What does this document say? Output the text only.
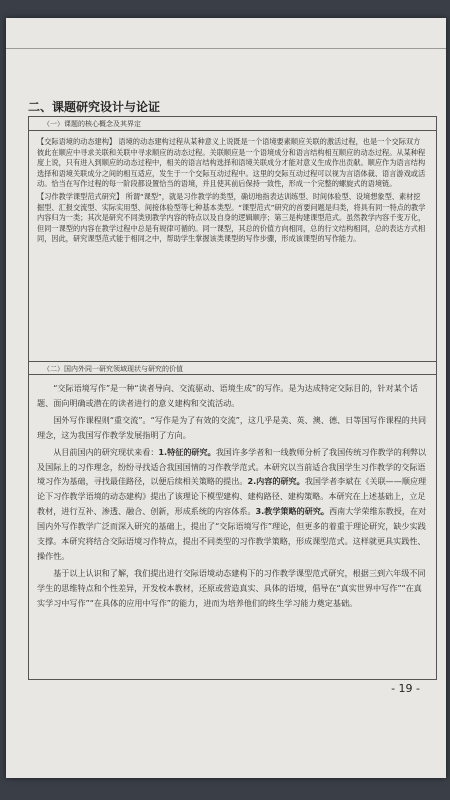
二、课题研究设计与论证
（一）课题的核心概念及其界定

【交际语境的动态建构】 语境的动态建构过程从某种意义上说既是一个语境要素顺应关联的激活过程，也是一个交际双方彼此在顺应中寻求关联和关联中寻求顺应的动态过程。关联顺应是一个语境成分和语言结构相互顺应的动态过程。从某种程度上说，只有进入到顺应的动态过程中，相关的语言结构选择和语境关联成分才能对意义生成作出贡献。顺应作为语言结构选择和语境关联成分之间的相互适应，发生于一个交际互动过程中。这里的交际互动过程可以视为言语体裁、语言游戏或活动。恰当在写作过程的每一阶段都设置恰当的语境，并且使其前后保持一致性，形成一个完整的螺旋式的语境链。

【习作教学课型范式研究】 所谓“课型”，就是习作教学的类型，确切地指表达训练型、时间体验型、设境想象型、素材挖掘型、汇报交流型、实际实用型、间接体验型等七种基本类型。“课型范式”研究的首要问题是归类，将具有同一特点的教学内容归为一类；其次是研究不同类别教学内容的特点以及自身的逻辑顺序；第三是构建课型范式。虽然教学内容千变万化，但同一课型的内容在教学过程中总是有规律可循的。同一课型，其总的价值方向相同，总的行文结构相同，总的表达方式相同，因此，研究课型范式能于相同之中，帮助学生掌握该类课型的写作步骤，形成该课型的写作能力。

（二）国内外同一研究领域现状与研究的价值

“交际语境写作”是一种“读者导向、交流驱动、语境生成”的写作。是为达成特定交际目的，针对某个话题、面向明确或潜在的读者进行的意义建构和交流活动。

国外写作课程则“重交流”。“写作是为了有效的交流”，这几乎是美、英、澳、德、日等国写作课程的共同理念，这为我国写作教学发展指明了方向。

从目前国内的研究现状来看：1.特征的研究。我国许多学者和一线教师分析了我国传统习作教学的利弊以及国际上的习作理念，纷纷寻找适合我国国情的习作教学范式。本研究以当前适合我国学生习作教学的交际语境习作为基础，寻找最佳路径，以便后续相关策略的提出。2.内容的研究。我国学者李斌在《关联——顺应理论下习作教学语境的动态建构》提出了该理论下模型建构、建构路径、建构策略。本研究在上述基础上，立足教材，进行互补、渗透、融合、创新，形成系统的内容体系。3.教学策略的研究。西南大学荣维东教授，在对国内外写作教学广泛而深入研究的基础上，提出了“交际语境写作”理论，但更多的着重于理论研究，缺少实践支撑。本研究将结合交际语境习作特点，提出不同类型的习作教学策略，形成课型范式。这样就更具实践性、操作性。

基于以上认识和了解，我们提出进行交际语境动态建构下的习作教学课型范式研究，根据三到六年级不同学生的思维特点和个性差异，开发校本教材，还原或营造真实、具体的语境，倡导在“真实世界中写作”“在真实学习中写作”“在具体的应用中写作”的能力，进而为培养他们的终生学习能力奠定基础。

- 19 -
